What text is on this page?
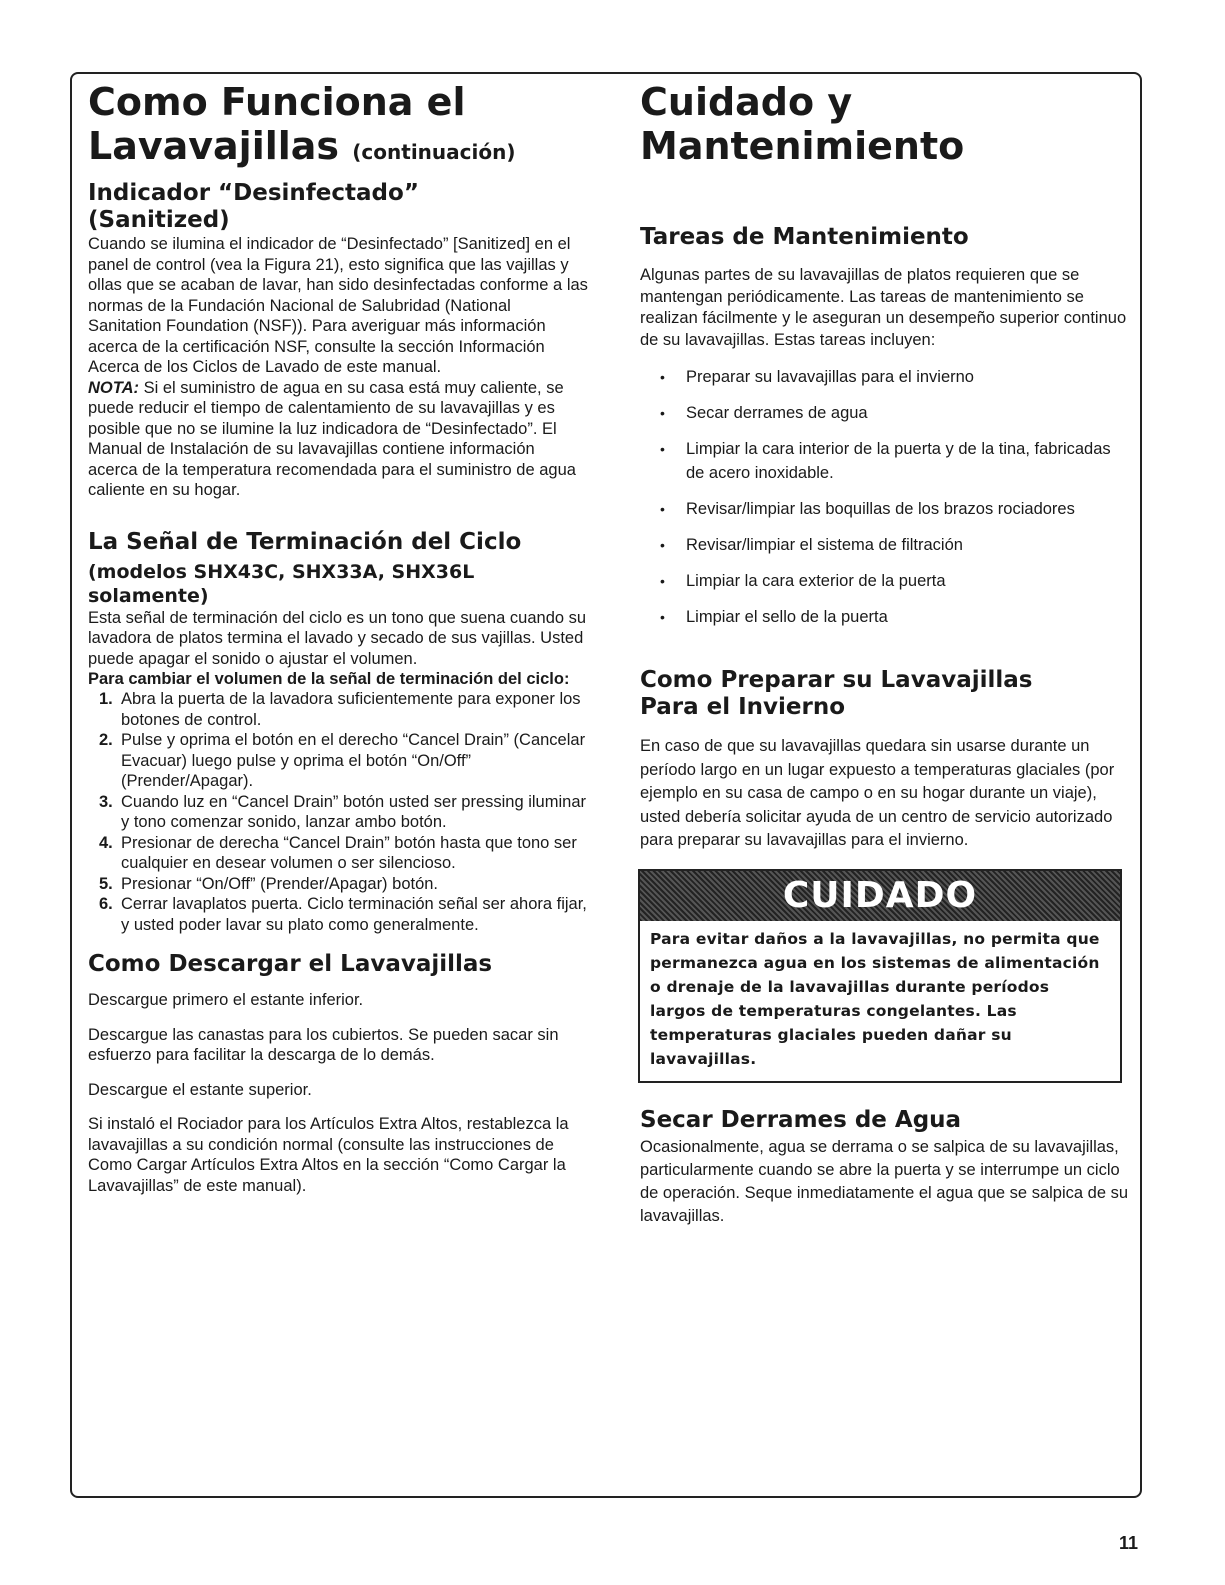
Como Funciona el
Lavavajillas (continuación)
Indicador “Desinfectado”
(Sanitized)

Cuando se ilumina el indicador de “Desinfectado” [Sanitized] en el panel de control (vea la Figura 21), esto significa que las vajillas y ollas que se acaban de lavar, han sido desinfectadas conforme a las normas de la Fundación Nacional de Salubridad (National Sanitation Foundation (NSF)). Para averiguar más información acerca de la certificación NSF, consulte la sección Información Acerca de los Ciclos de Lavado de este manual.

NOTA: Si el suministro de agua en su casa está muy caliente, se puede reducir el tiempo de calentamiento de su lavavajillas y es posible que no se ilumine la luz indicadora de “Desinfectado”. El Manual de Instalación de su lavavajillas contiene información acerca de la temperatura recomendada para el suministro de agua caliente en su hogar.

La Señal de Terminación del Ciclo
(modelos SHX43C, SHX33A, SHX36L
solamente)

Esta señal de terminación del ciclo es un tono que suena cuando su lavadora de platos termina el lavado y secado de sus vajillas. Usted puede apagar el sonido o ajustar el volumen.

Para cambiar el volumen de la señal de terminación del ciclo:
1. Abra la puerta de la lavadora suficientemente para exponer los botones de control.
2. Pulse y oprima el botón en el derecho “Cancel Drain” (Cancelar Evacuar) luego pulse y oprima el botón “On/Off” (Prender/Apagar).
3. Cuando luz en “Cancel Drain” botón usted ser pressing iluminar y tono comenzar sonido, lanzar ambo botón.
4. Presionar de derecha “Cancel Drain” botón hasta que tono ser cualquier en desear volumen o ser silencioso.
5. Presionar “On/Off” (Prender/Apagar) botón.
6. Cerrar lavaplatos puerta. Ciclo terminación señal ser ahora fijar, y usted poder lavar su plato como generalmente.
Como Descargar el Lavavajillas

Descargue primero el estante inferior.

Descargue las canastas para los cubiertos. Se pueden sacar sin esfuerzo para facilitar la descarga de lo demás.

Descargue el estante superior.

Si instaló el Rociador para los Artículos Extra Altos, restablezca la lavavajillas a su condición normal (consulte las instrucciones de Como Cargar Artículos Extra Altos en la sección “Como Cargar la Lavavajillas” de este manual).

Cuidado y
Mantenimiento
Tareas de Mantenimiento

Algunas partes de su lavavajillas de platos requieren que se mantengan periódicamente. Las tareas de mantenimiento se realizan fácilmente y le aseguran un desempeño superior continuo de su lavavajillas. Estas tareas incluyen:

• Preparar su lavavajillas para el invierno
• Secar derrames de agua
• Limpiar la cara interior de la puerta y de la tina, fabricadas de acero inoxidable.
• Revisar/limpiar las boquillas de los brazos rociadores
• Revisar/limpiar el sistema de filtración
• Limpiar la cara exterior de la puerta
• Limpiar el sello de la puerta
Como Preparar su Lavavajillas
Para el Invierno

En caso de que su lavavajillas quedara sin usarse durante un período largo en un lugar expuesto a temperaturas glaciales (por ejemplo en su casa de campo o en su hogar durante un viaje), usted debería solicitar ayuda de un centro de servicio autorizado para preparar su lavavajillas para el invierno.

CUIDADO
Para evitar daños a la lavavajillas, no permita que permanezca agua en los sistemas de alimentación o drenaje de la lavavajillas durante períodos largos de temperaturas congelantes. Las temperaturas glaciales pueden dañar su lavavajillas.
Secar Derrames de Agua

Ocasionalmente, agua se derrama o se salpica de su lavavajillas, particularmente cuando se abre la puerta y se interrumpe un ciclo de operación. Seque inmediatamente el agua que se salpica de su lavavajillas.

11
